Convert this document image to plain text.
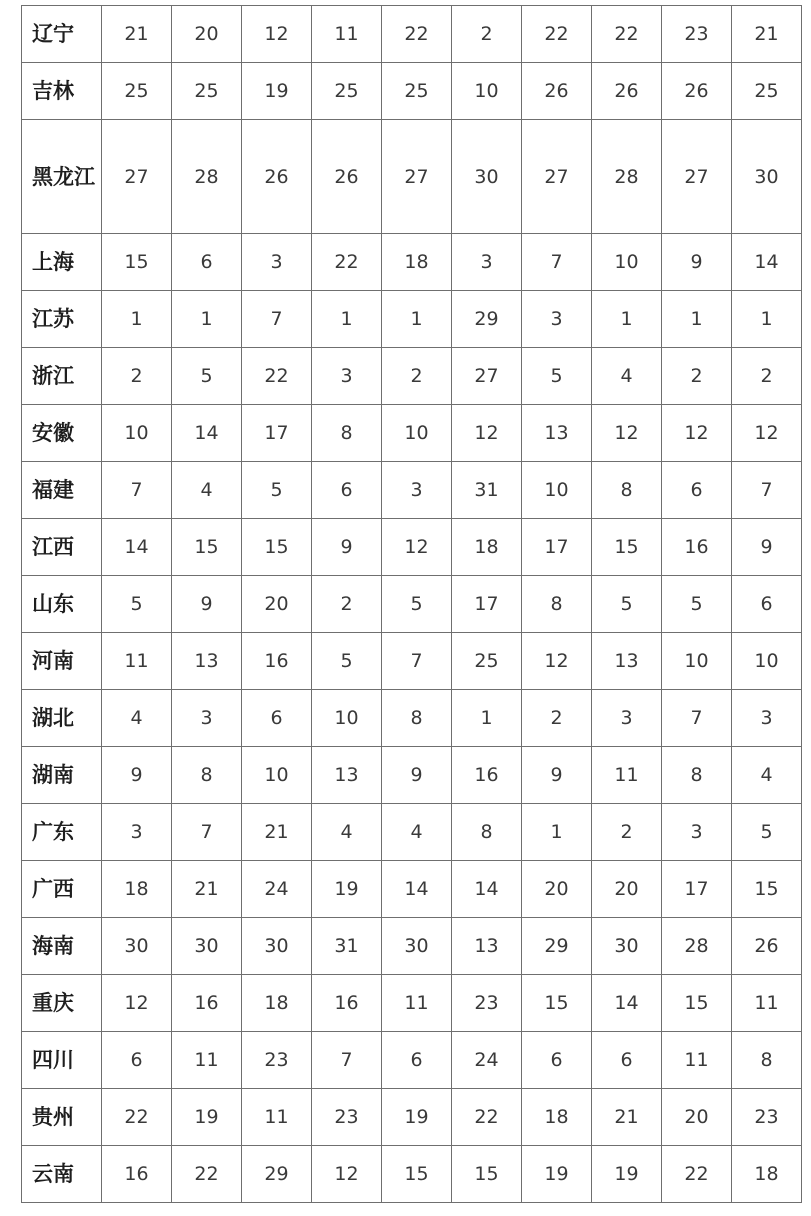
辽宁	21	20	12	11	22	2	22	22	23	21
吉林	25	25	19	25	25	10	26	26	26	25
黑龙江	27	28	26	26	27	30	27	28	27	30
上海	15	6	3	22	18	3	7	10	9	14
江苏	1	1	7	1	1	29	3	1	1	1
浙江	2	5	22	3	2	27	5	4	2	2
安徽	10	14	17	8	10	12	13	12	12	12
福建	7	4	5	6	3	31	10	8	6	7
江西	14	15	15	9	12	18	17	15	16	9
山东	5	9	20	2	5	17	8	5	5	6
河南	11	13	16	5	7	25	12	13	10	10
湖北	4	3	6	10	8	1	2	3	7	3
湖南	9	8	10	13	9	16	9	11	8	4
广东	3	7	21	4	4	8	1	2	3	5
广西	18	21	24	19	14	14	20	20	17	15
海南	30	30	30	31	30	13	29	30	28	26
重庆	12	16	18	16	11	23	15	14	15	11
四川	6	11	23	7	6	24	6	6	11	8
贵州	22	19	11	23	19	22	18	21	20	23
云南	16	22	29	12	15	15	19	19	22	18
